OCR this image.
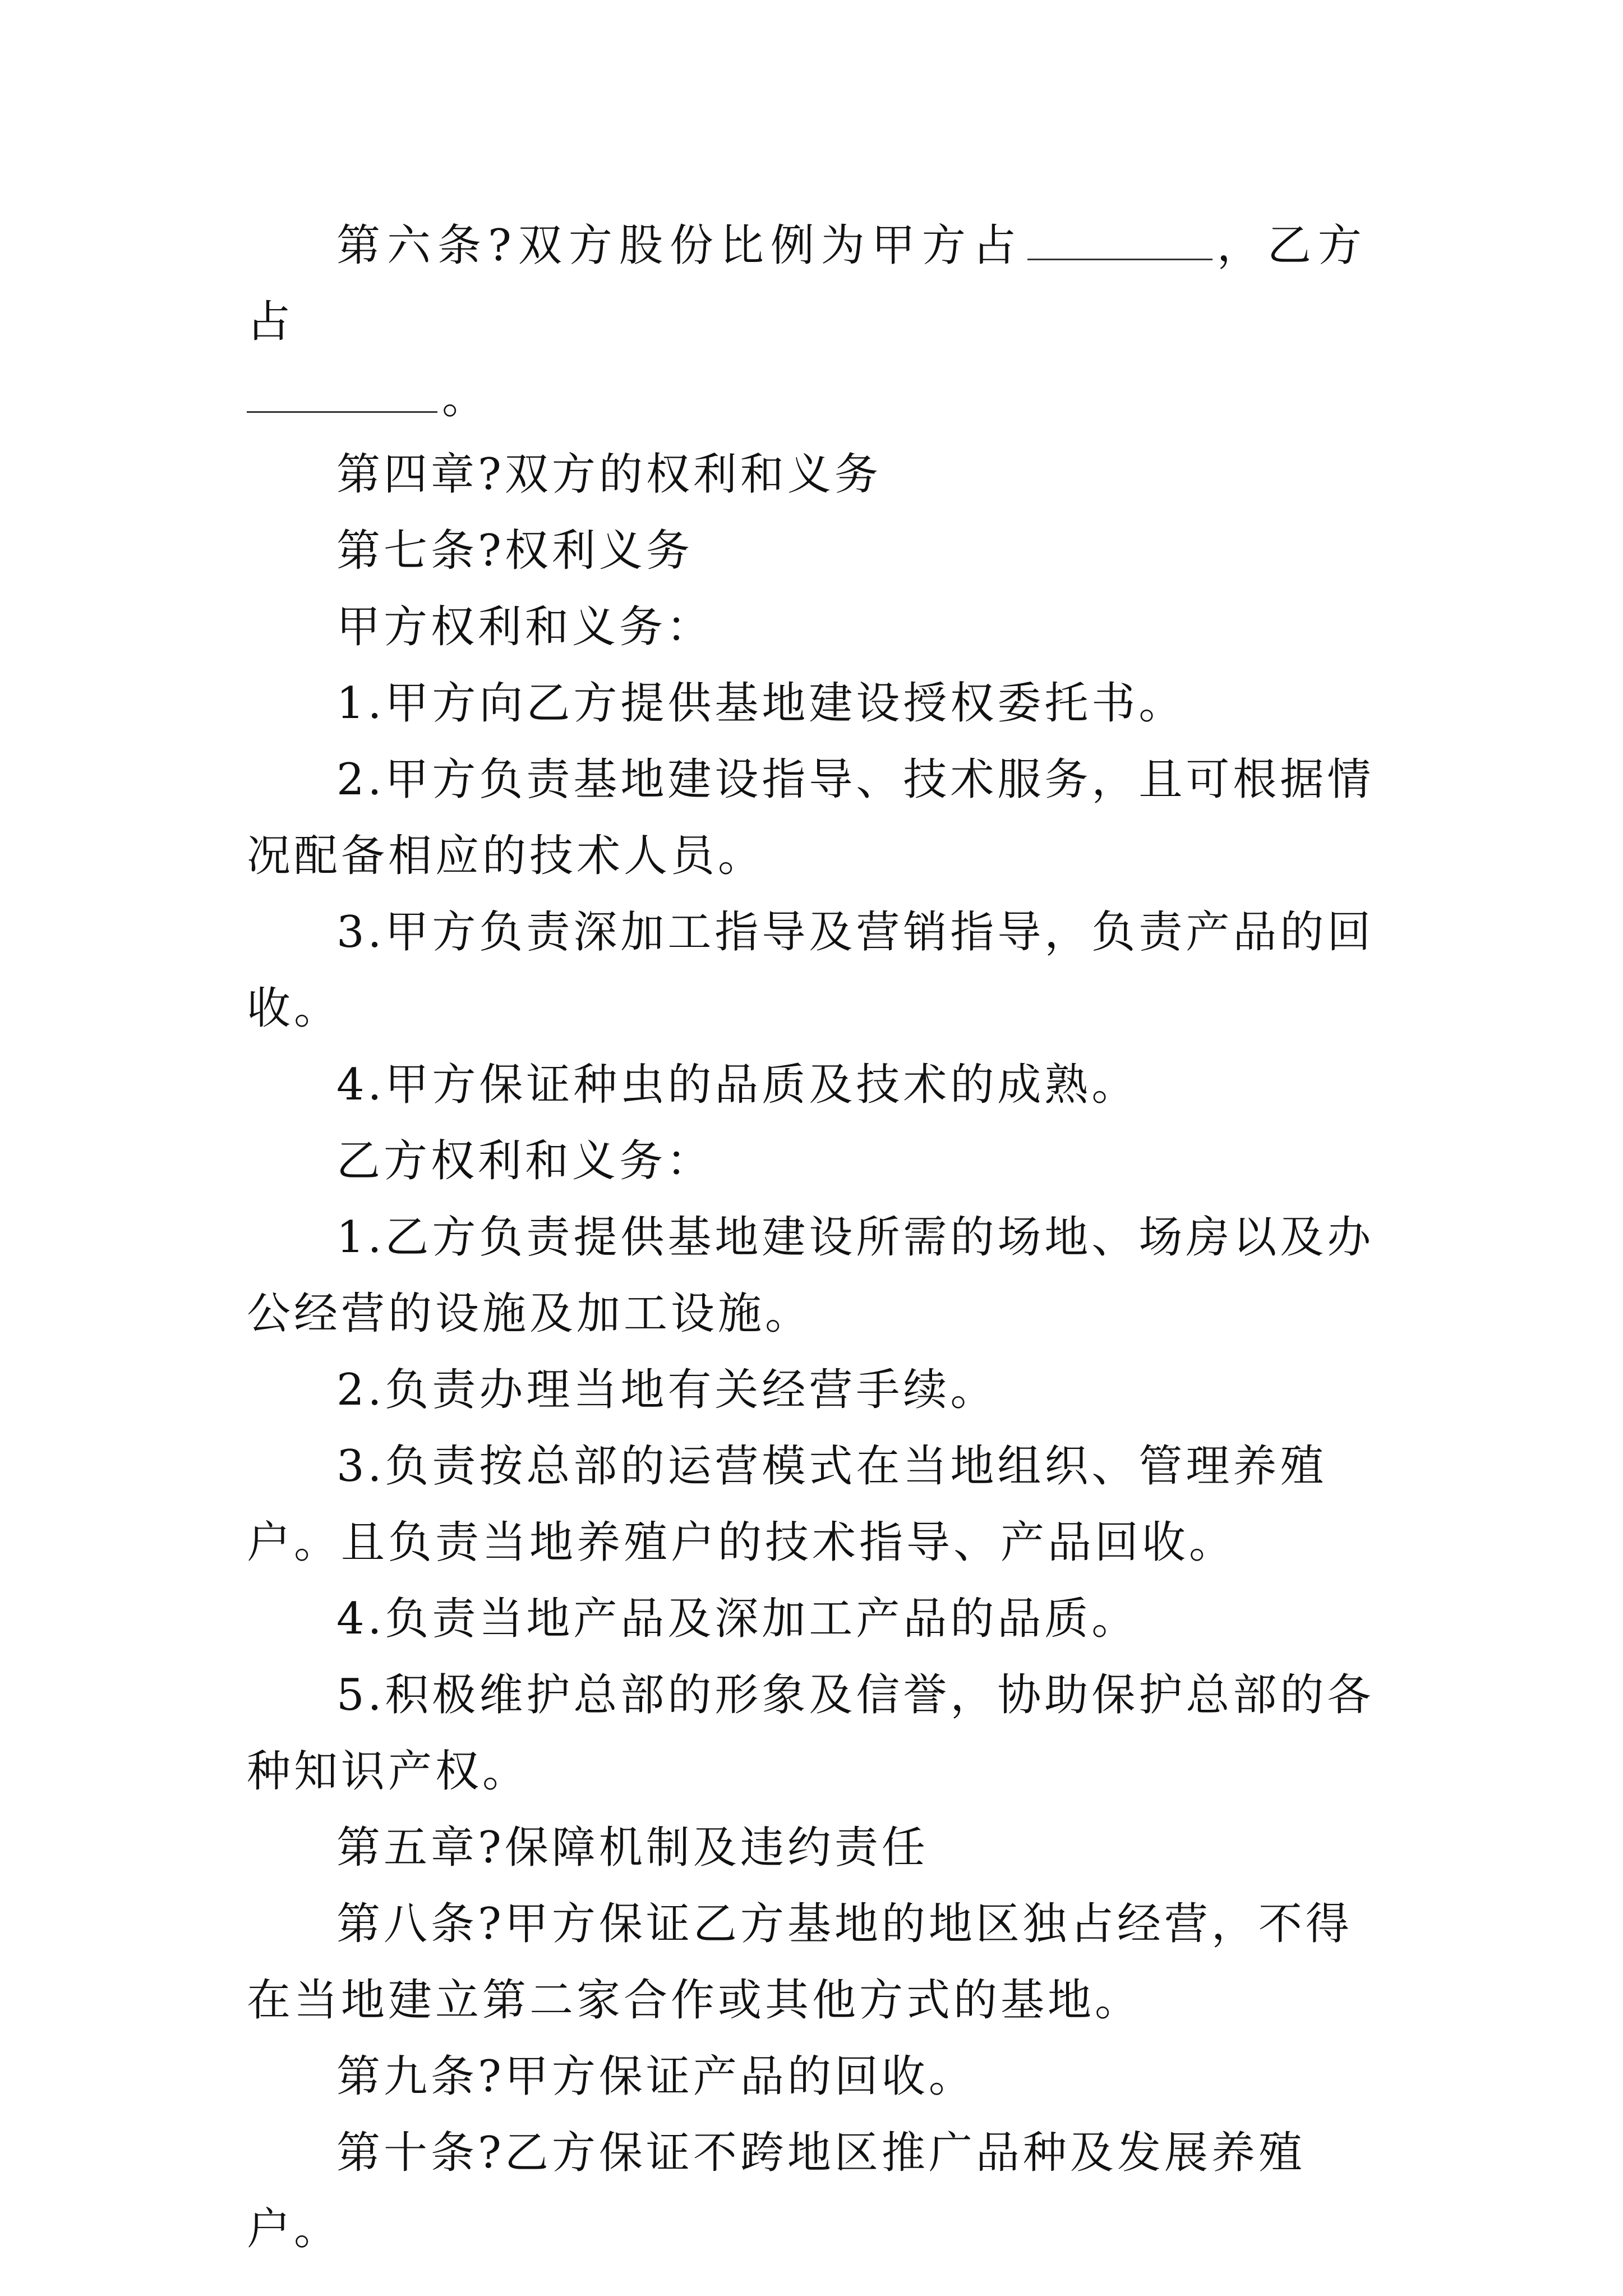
第六条?双方股份比例为甲方占	，乙方占
。

第四章?双方的权利和义务

第七条?权利义务

甲方权利和义务：

1.甲方向乙方提供基地建设授权委托书。

2.甲方负责基地建设指导、技术服务，且可根据情况配备相应的技术人员。

3.甲方负责深加工指导及营销指导，负责产品的回收。

4.甲方保证种虫的品质及技术的成熟。

乙方权利和义务：

1.乙方负责提供基地建设所需的场地、场房以及办公经营的设施及加工设施。

2.负责办理当地有关经营手续。

3.负责按总部的运营模式在当地组织、管理养殖户。且负责当地养殖户的技术指导、产品回收。

4.负责当地产品及深加工产品的品质。

5.积极维护总部的形象及信誉，协助保护总部的各种知识产权。

第五章?保障机制及违约责任

第八条?甲方保证乙方基地的地区独占经营，不得在当地建立第二家合作或其他方式的基地。

第九条?甲方保证产品的回收。

第十条?乙方保证不跨地区推广品种及发展养殖户。
